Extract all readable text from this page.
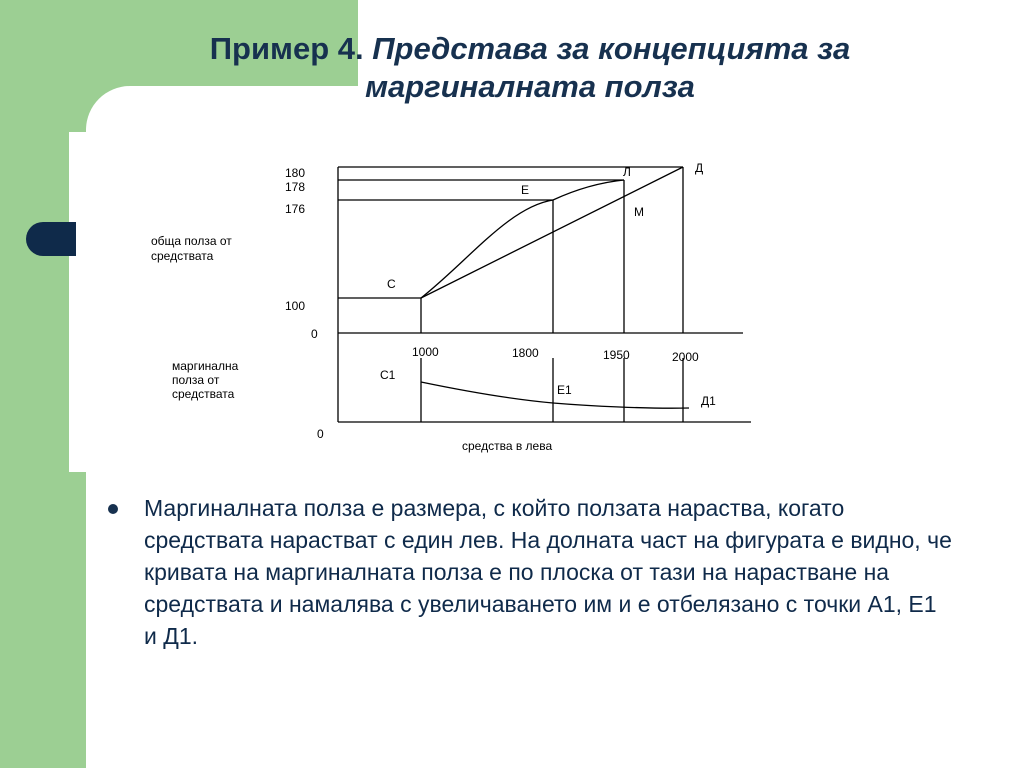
Пример 4. Представа за концепцията за маргиналната полза
обща полза от
средствата
маргинална
полза от
средствата
180
178
176
100
0
0
1000	1800	1950	2000
средства в лева
С
Е
Л	Д
М
С1
Е1
Д1
Маргиналната полза е размера, с който ползата нараства, когато средствата нарастват с един лев. На долната част на фигурата е видно, че кривата на маргиналната полза е по плоска от тази на нарастване на средствата и намалява с увеличаването им и е отбелязано с точки А1, Е1 и Д1.
